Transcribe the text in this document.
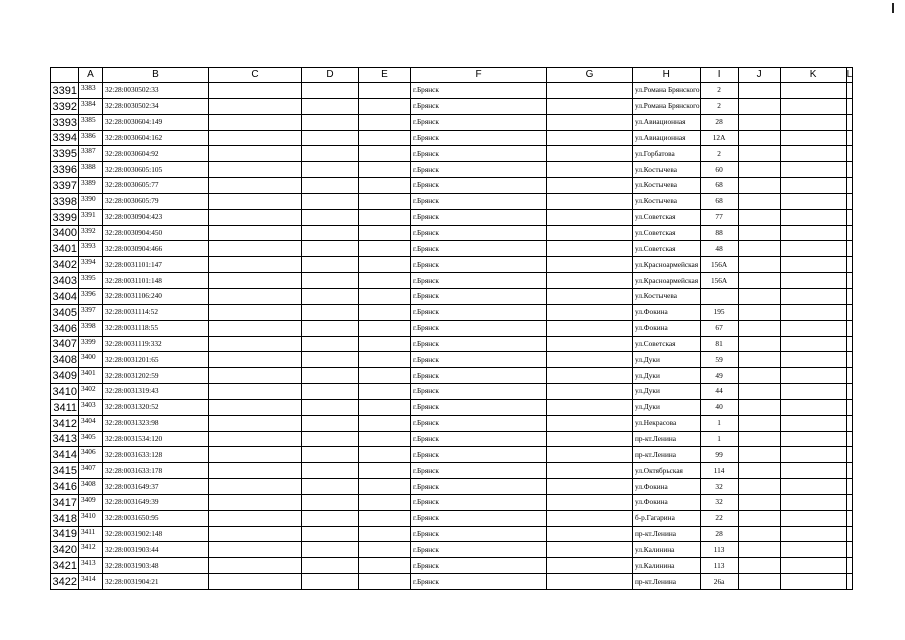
	A	B	C	D	E	F	G	H	I	J	K	L
3391	3383	32:28:0030502:33				г.Брянск		ул.Романа Брянского	2			
3392	3384	32:28:0030502:34				г.Брянск		ул.Романа Брянского	2			
3393	3385	32:28:0030604:149				г.Брянск		ул.Авиационная	28			
3394	3386	32:28:0030604:162				г.Брянск		ул.Авиационная	12А			
3395	3387	32:28:0030604:92				г.Брянск		ул.Горбатова	2			
3396	3388	32:28:0030605:105				г.Брянск		ул.Костычева	60			
3397	3389	32:28:0030605:77				г.Брянск		ул.Костычева	68			
3398	3390	32:28:0030605:79				г.Брянск		ул.Костычева	68			
3399	3391	32:28:0030904:423				г.Брянск		ул.Советская	77			
3400	3392	32:28:0030904:450				г.Брянск		ул.Советская	88			
3401	3393	32:28:0030904:466				г.Брянск		ул.Советская	48			
3402	3394	32:28:0031101:147				г.Брянск		ул.Красноармейская	156А			
3403	3395	32:28:0031101:148				г.Брянск		ул.Красноармейская	156А			
3404	3396	32:28:0031106:240				г.Брянск		ул.Костычева				
3405	3397	32:28:0031114:52				г.Брянск		ул.Фокина	195			
3406	3398	32:28:0031118:55				г.Брянск		ул.Фокина	67			
3407	3399	32:28:0031119:332				г.Брянск		ул.Советская	81			
3408	3400	32:28:0031201:65				г.Брянск		ул.Дуки	59			
3409	3401	32:28:0031202:59				г.Брянск		ул.Дуки	49			
3410	3402	32:28:0031319:43				г.Брянск		ул.Дуки	44			
3411	3403	32:28:0031320:52				г.Брянск		ул.Дуки	40			
3412	3404	32:28:0031323:98				г.Брянск		ул.Некрасова	1			
3413	3405	32:28:0031534:120				г.Брянск		пр-кт.Ленина	1			
3414	3406	32:28:0031633:128				г.Брянск		пр-кт.Ленина	99			
3415	3407	32:28:0031633:178				г.Брянск		ул.Октябрьская	114			
3416	3408	32:28:0031649:37				г.Брянск		ул.Фокина	32			
3417	3409	32:28:0031649:39				г.Брянск		ул.Фокина	32			
3418	3410	32:28:0031650:95				г.Брянск		б-р.Гагарина	22			
3419	3411	32:28:0031902:148				г.Брянск		пр-кт.Ленина	28			
3420	3412	32:28:0031903:44				г.Брянск		ул.Калинина	113			
3421	3413	32:28:0031903:48				г.Брянск		ул.Калинина	113			
3422	3414	32:28:0031904:21				г.Брянск		пр-кт.Ленина	26а			
